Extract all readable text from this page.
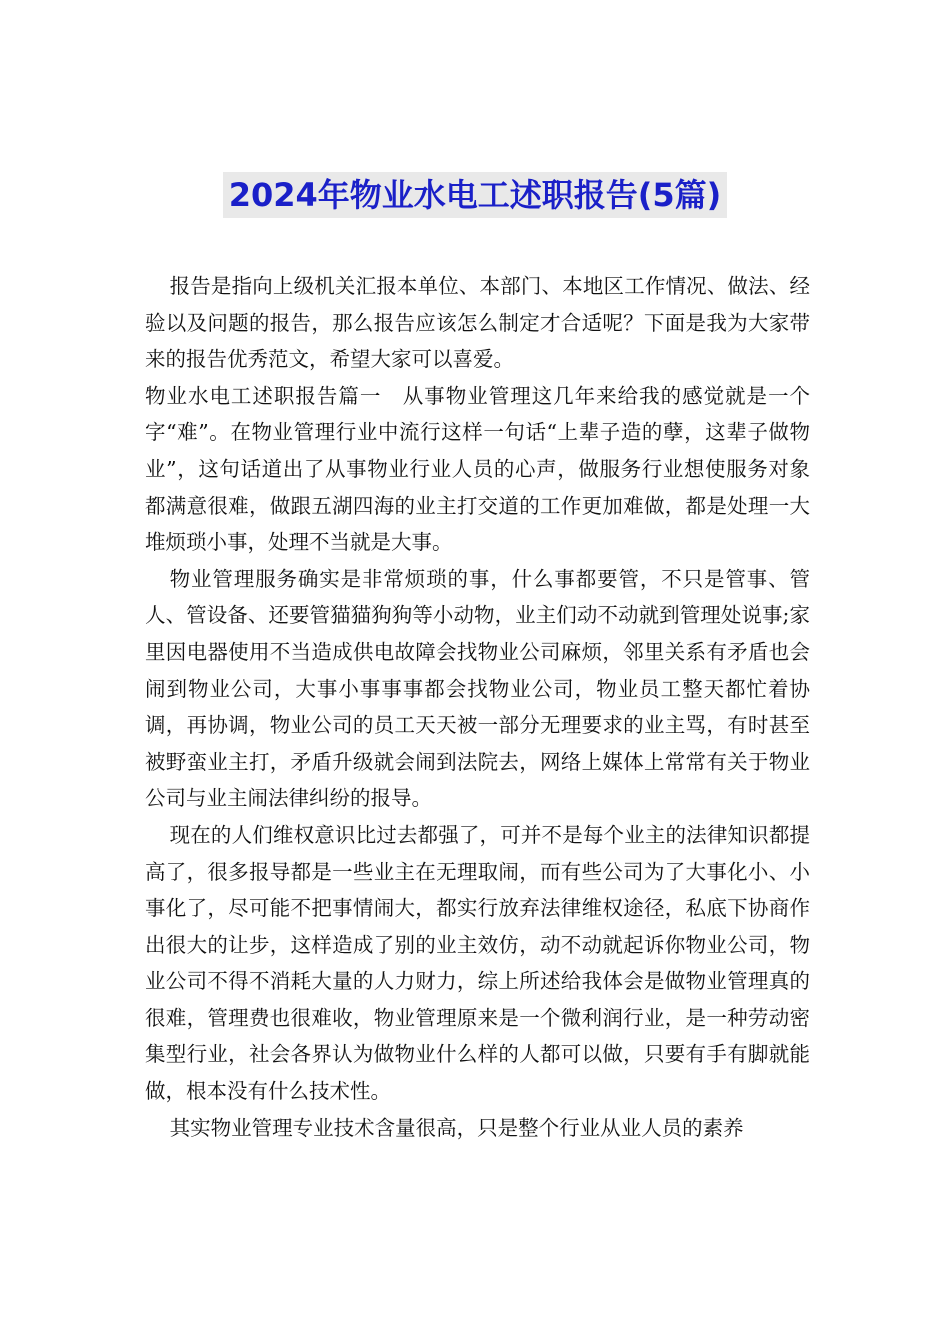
2024年物业水电工述职报告(5篇)

报告是指向上级机关汇报本单位、本部门、本地区工作情况、做法、经验以及问题的报告，那么报告应该怎么制定才合适呢？下面是我为大家带来的报告优秀范文，希望大家可以喜爱。

物业水电工述职报告篇一　从事物业管理这几年来给我的感觉就是一个字“难”。在物业管理行业中流行这样一句话“上辈子造的孽，这辈子做物业”，这句话道出了从事物业行业人员的心声，做服务行业想使服务对象都满意很难，做跟五湖四海的业主打交道的工作更加难做，都是处理一大堆烦琐小事，处理不当就是大事。

物业管理服务确实是非常烦琐的事，什么事都要管，不只是管事、管人、管设备、还要管猫猫狗狗等小动物，业主们动不动就到管理处说事;家里因电器使用不当造成供电故障会找物业公司麻烦，邻里关系有矛盾也会闹到物业公司，大事小事事事都会找物业公司，物业员工整天都忙着协调，再协调，物业公司的员工天天被一部分无理要求的业主骂，有时甚至被野蛮业主打，矛盾升级就会闹到法院去，网络上媒体上常常有关于物业公司与业主闹法律纠纷的报导。

现在的人们维权意识比过去都强了，可并不是每个业主的法律知识都提高了，很多报导都是一些业主在无理取闹，而有些公司为了大事化小、小事化了，尽可能不把事情闹大，都实行放弃法律维权途径，私底下协商作出很大的让步，这样造成了别的业主效仿，动不动就起诉你物业公司，物业公司不得不消耗大量的人力财力，综上所述给我体会是做物业管理真的很难，管理费也很难收，物业管理原来是一个微利润行业，是一种劳动密集型行业，社会各界认为做物业什么样的人都可以做，只要有手有脚就能做，根本没有什么技术性。

其实物业管理专业技术含量很高，只是整个行业从业人员的素养
